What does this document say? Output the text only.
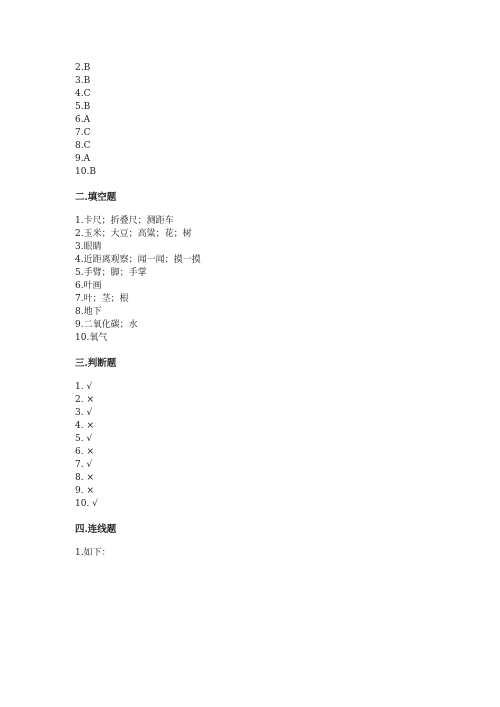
2.B
3.B
4.C
5.B
6.A
7.C
8.C
9.A
10.B
二.填空题
1.卡尺；折叠尺；测距车
2.玉米；大豆；高粱；花；树
3.眼睛
4.近距离观察；闻一闻；摸一摸
5.手臂；脚；手掌
6.叶画
7.叶；茎；根
8.地下
9.二氧化碳；水
10.氧气
三.判断题
1. √
2. ×
3. √
4. ×
5. √
6. ×
7. √
8. ×
9. ×
10. √
四.连线题
1.如下：
